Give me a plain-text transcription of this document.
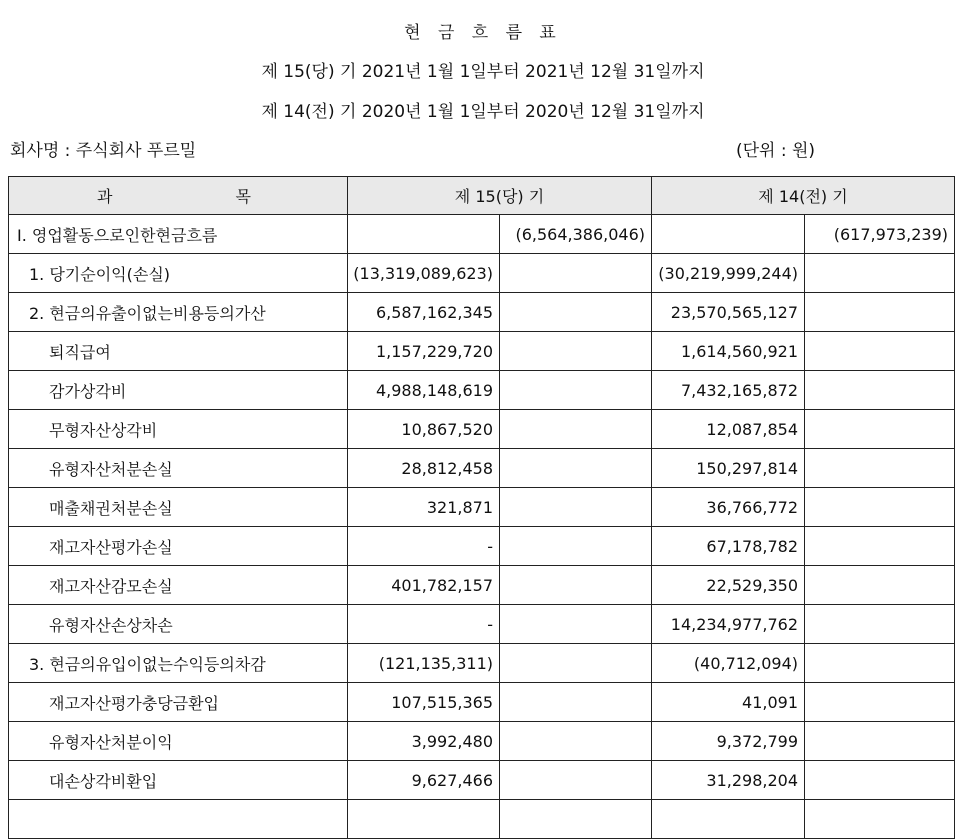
현 금 흐 름 표
제 15(당) 기 2021년 1월 1일부터 2021년 12월 31일까지
제 14(전) 기 2020년 1월 1일부터 2020년 12월 31일까지
회사명 : 주식회사 푸르밀	(단위 : 원)
과 목	제 15(당) 기		제 14(전) 기	
Ⅰ. 영업활동으로인한현금흐름		(6,564,386,046)		(617,973,239)
1. 당기순이익(손실)	(13,319,089,623)		(30,219,999,244)	
2. 현금의유출이없는비용등의가산	6,587,162,345		23,570,565,127	
퇴직급여	1,157,229,720		1,614,560,921	
감가상각비	4,988,148,619		7,432,165,872	
무형자산상각비	10,867,520		12,087,854	
유형자산처분손실	28,812,458		150,297,814	
매출채권처분손실	321,871		36,766,772	
재고자산평가손실	-		67,178,782	
재고자산감모손실	401,782,157		22,529,350	
유형자산손상차손	-		14,234,977,762	
3. 현금의유입이없는수익등의차감	(121,135,311)		(40,712,094)	
재고자산평가충당금환입	107,515,365		41,091	
유형자산처분이익	3,992,480		9,372,799	
대손상각비환입	9,627,466		31,298,204	
